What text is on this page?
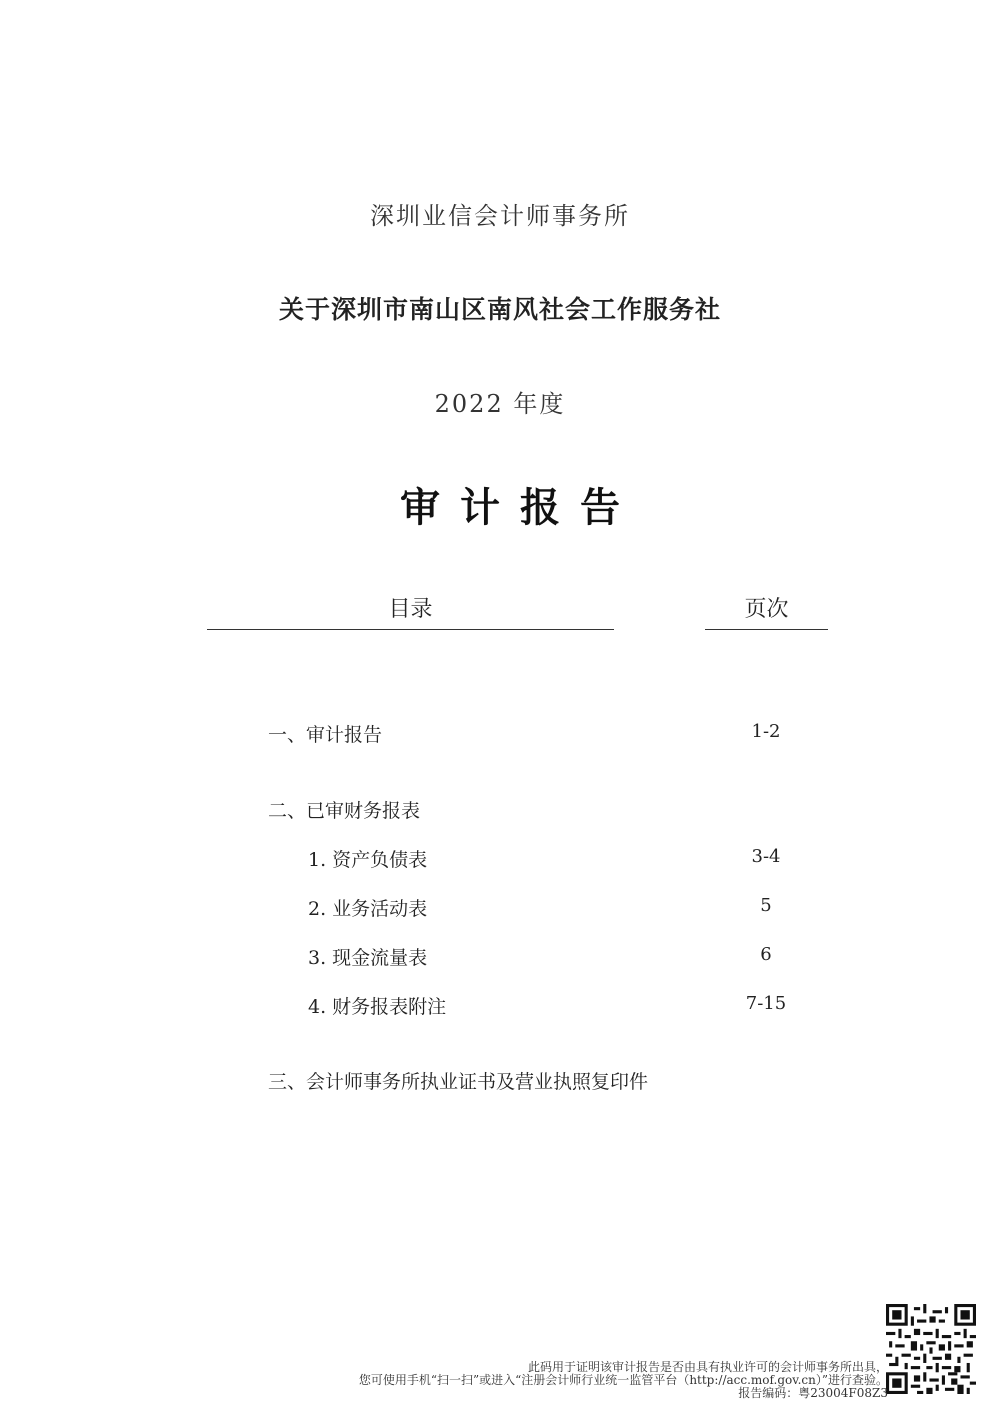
深圳业信会计师事务所
关于深圳市南山区南风社会工作服务社
2022 年度
审计报告
目录	页次
一、审计报告	1-2
二、已审财务报表
1. 资产负债表	3-4
2. 业务活动表	5
3. 现金流量表	6
4. 财务报表附注	7-15
三、会计师事务所执业证书及营业执照复印件
此码用于证明该审计报告是否由具有执业许可的会计师事务所出具，
您可使用手机“扫一扫”或进入“注册会计师行业统一监管平台（http://acc.mof.gov.cn）”进行查验。
报告编码：粤23004F08Z3
